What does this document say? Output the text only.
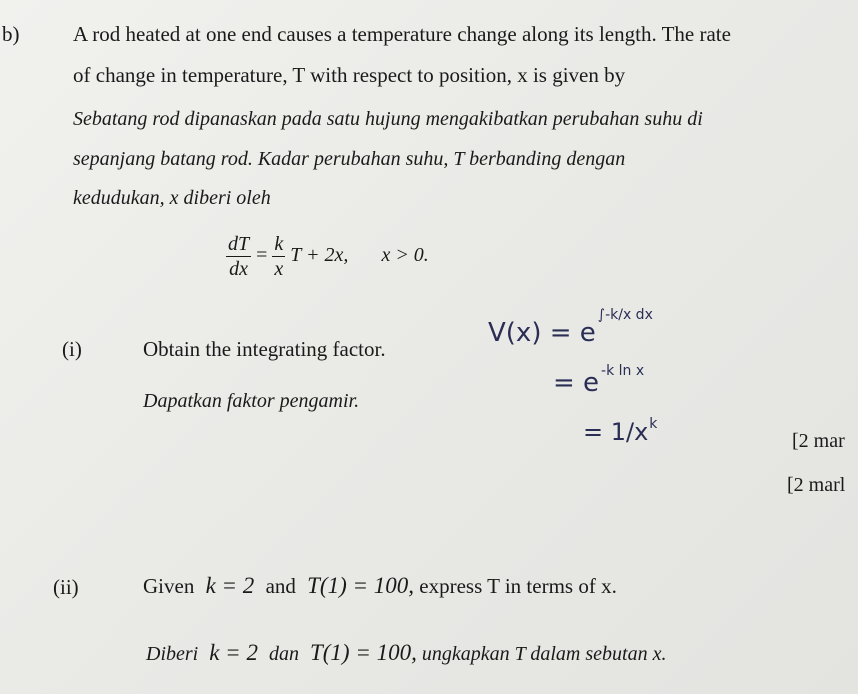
b)	A rod heated at one end causes a temperature change along its length. The rate
of change in temperature, T with respect to position, x is given by
Sebatang rod dipanaskan pada satu hujung mengakibatkan perubahan suhu di
sepanjang batang rod. Kadar perubahan suhu, T berbanding dengan
kedudukan, x diberi oleh
$\frac{dT}{dx} = \frac{k}{x}$ T + 2x, x > 0.
(i)	Obtain the integrating factor.
Dapatkan faktor pengamir.
[2 mar
[2 marl
$V(x) = e^{\int-k/x dx}$
= e $^{-k ln x}$
= $1/x^k$
(ii)	Given k = 2 and T(1) = 100, express T in terms of x.
Diberi k = 2 dan T(1) = 100, ungkapkan T dalam sebutan x.
